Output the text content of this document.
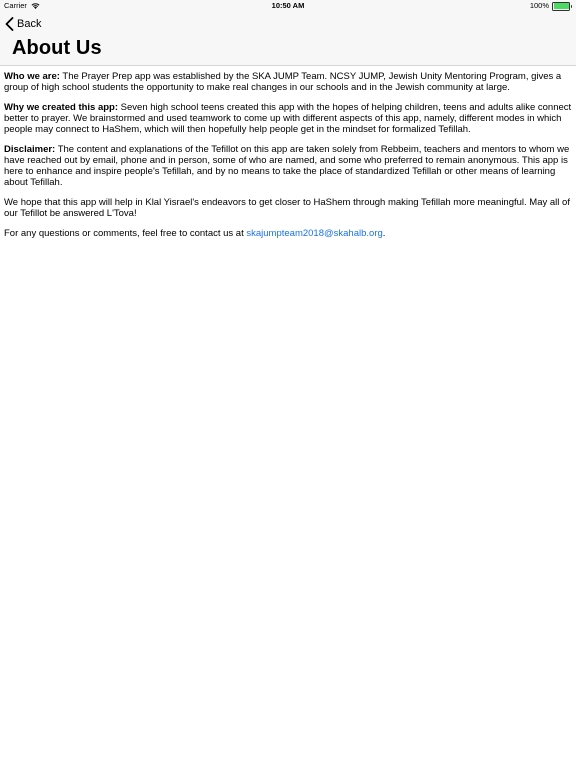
Carrier	10:50 AM	100%
Back
About Us

Who we are: The Prayer Prep app was established by the SKA JUMP Team. NCSY JUMP, Jewish Unity Mentoring Program, gives a group of high school students the opportunity to make real changes in our schools and in the Jewish community at large.

Why we created this app: Seven high school teens created this app with the hopes of helping children, teens and adults alike connect better to prayer. We brainstormed and used teamwork to come up with different aspects of this app, namely, different modes in which people may connect to HaShem, which will then hopefully help people get in the mindset for formalized Tefillah.

Disclaimer: The content and explanations of the Tefillot on this app are taken solely from Rebbeim, teachers and mentors to whom we have reached out by email, phone and in person, some of who are named, and some who preferred to remain anonymous. This app is here to enhance and inspire people's Tefillah, and by no means to take the place of standardized Tefillah or other means of learning about Tefillah.

We hope that this app will help in Klal Yisrael's endeavors to get closer to HaShem through making Tefillah more meaningful. May all of our Tefillot be answered L'Tova!

For any questions or comments, feel free to contact us at skajumpteam2018@skahalb.org.
